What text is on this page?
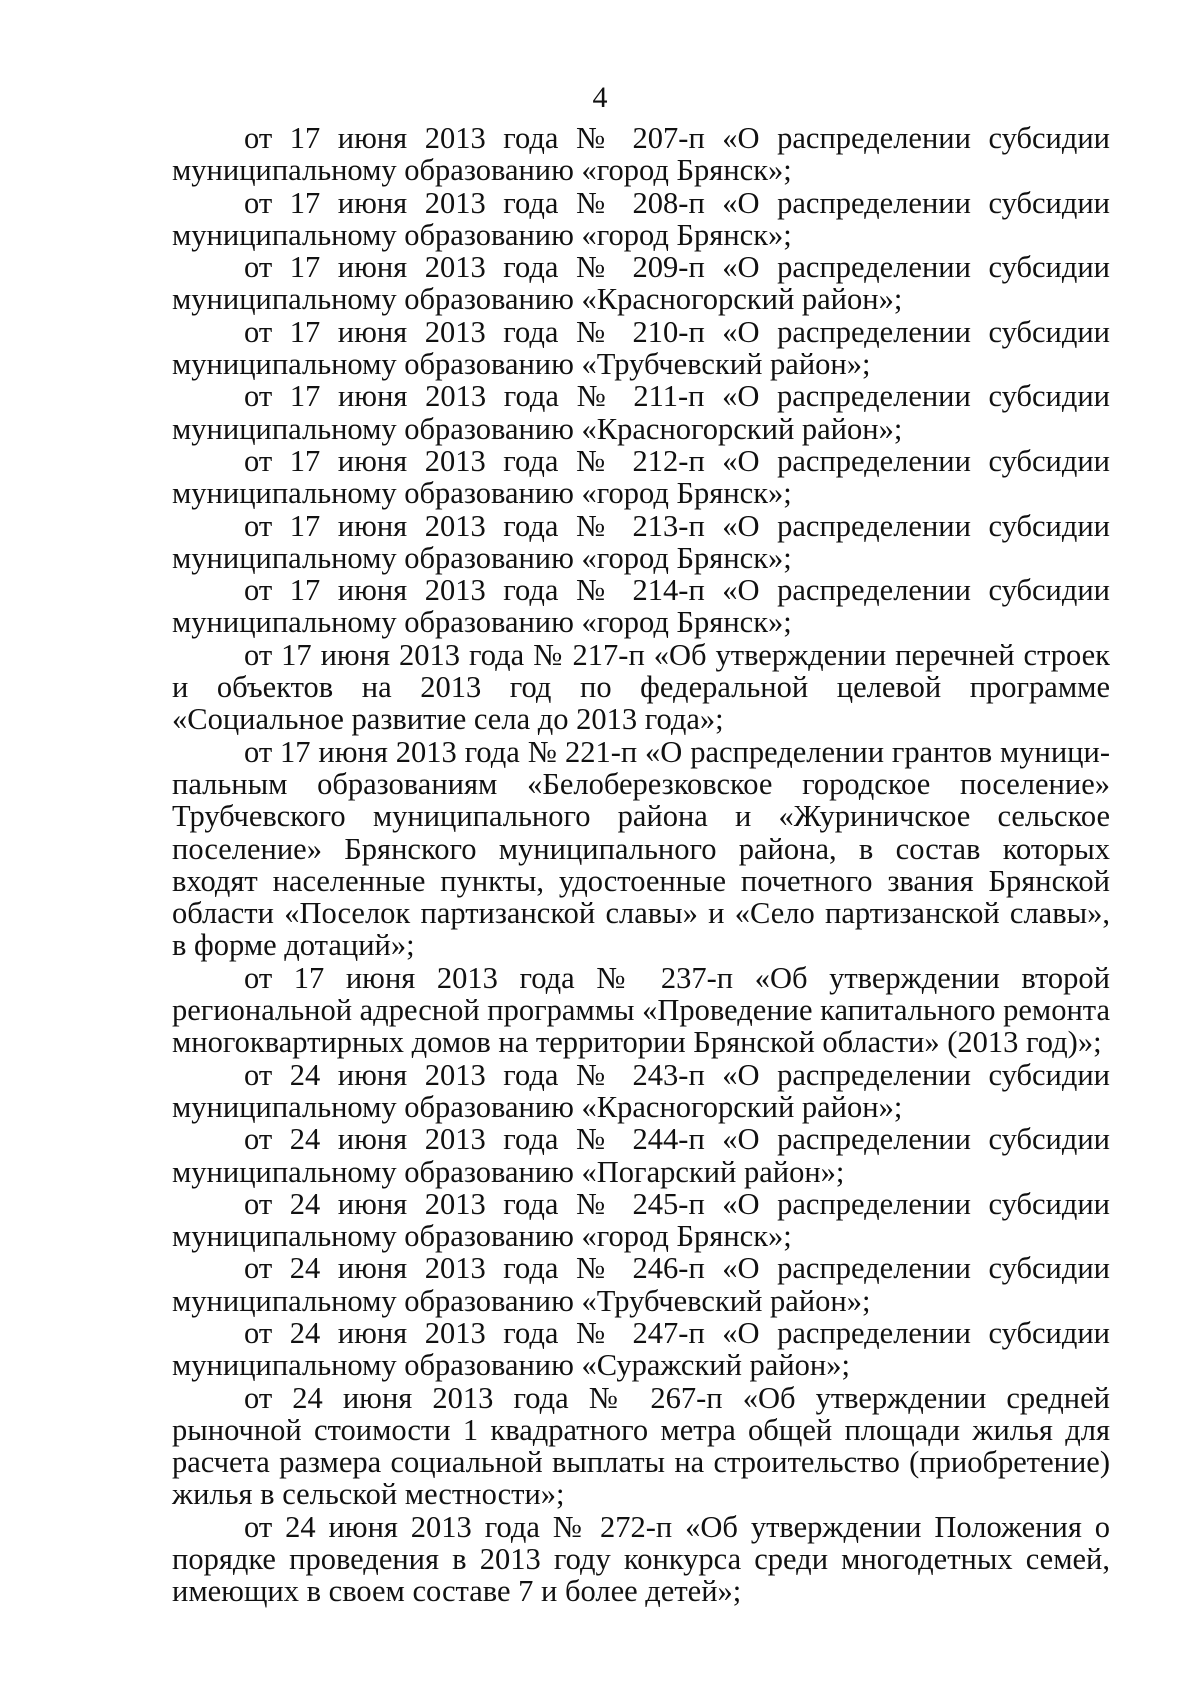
4

от 17 июня 2013 года № 207-п «О распределении субсидии муниципальному образованию «город Брянск»;

от 17 июня 2013 года № 208-п «О распределении субсидии муниципальному образованию «город Брянск»;

от 17 июня 2013 года № 209-п «О распределении субсидии муниципальному образованию «Красногорский район»;

от 17 июня 2013 года № 210-п «О распределении субсидии муниципальному образованию «Трубчевский район»;

от 17 июня 2013 года № 211-п «О распределении субсидии муниципальному образованию «Красногорский район»;

от 17 июня 2013 года № 212-п «О распределении субсидии муниципальному образованию «город Брянск»;

от 17 июня 2013 года № 213-п «О распределении субсидии муниципальному образованию «город Брянск»;

от 17 июня 2013 года № 214-п «О распределении субсидии муниципальному образованию «город Брянск»;

от 17 июня 2013 года № 217-п «Об утверждении перечней строек и объектов на 2013 год по федеральной целевой программе «Социальное развитие села до 2013 года»;

от 17 июня 2013 года № 221-п «О распределении грантов муниципальным образованиям «Белоберезковское городское поселение» Трубчевского муниципального района и «Журиничское сельское поселение» Брянского муниципального района, в состав которых входят населенные пункты, удостоенные почетного звания Брянской области «Поселок партизанской славы» и «Село партизанской славы», в форме дотаций»;

от 17 июня 2013 года № 237-п «Об утверждении второй региональной адресной программы «Проведение капитального ремонта многоквартирных домов на территории Брянской области» (2013 год)»;

от 24 июня 2013 года № 243-п «О распределении субсидии муниципальному образованию «Красногорский район»;

от 24 июня 2013 года № 244-п «О распределении субсидии муниципальному образованию «Погарский район»;

от 24 июня 2013 года № 245-п «О распределении субсидии муниципальному образованию «город Брянск»;

от 24 июня 2013 года № 246-п «О распределении субсидии муниципальному образованию «Трубчевский район»;

от 24 июня 2013 года № 247-п «О распределении субсидии муниципальному образованию «Суражский район»;

от 24 июня 2013 года № 267-п «Об утверждении средней рыночной стоимости 1 квадратного метра общей площади жилья для расчета размера социальной выплаты на строительство (приобретение) жилья в сельской местности»;

от 24 июня 2013 года № 272-п «Об утверждении Положения о порядке проведения в 2013 году конкурса среди многодетных семей, имеющих в своем составе 7 и более детей»;
